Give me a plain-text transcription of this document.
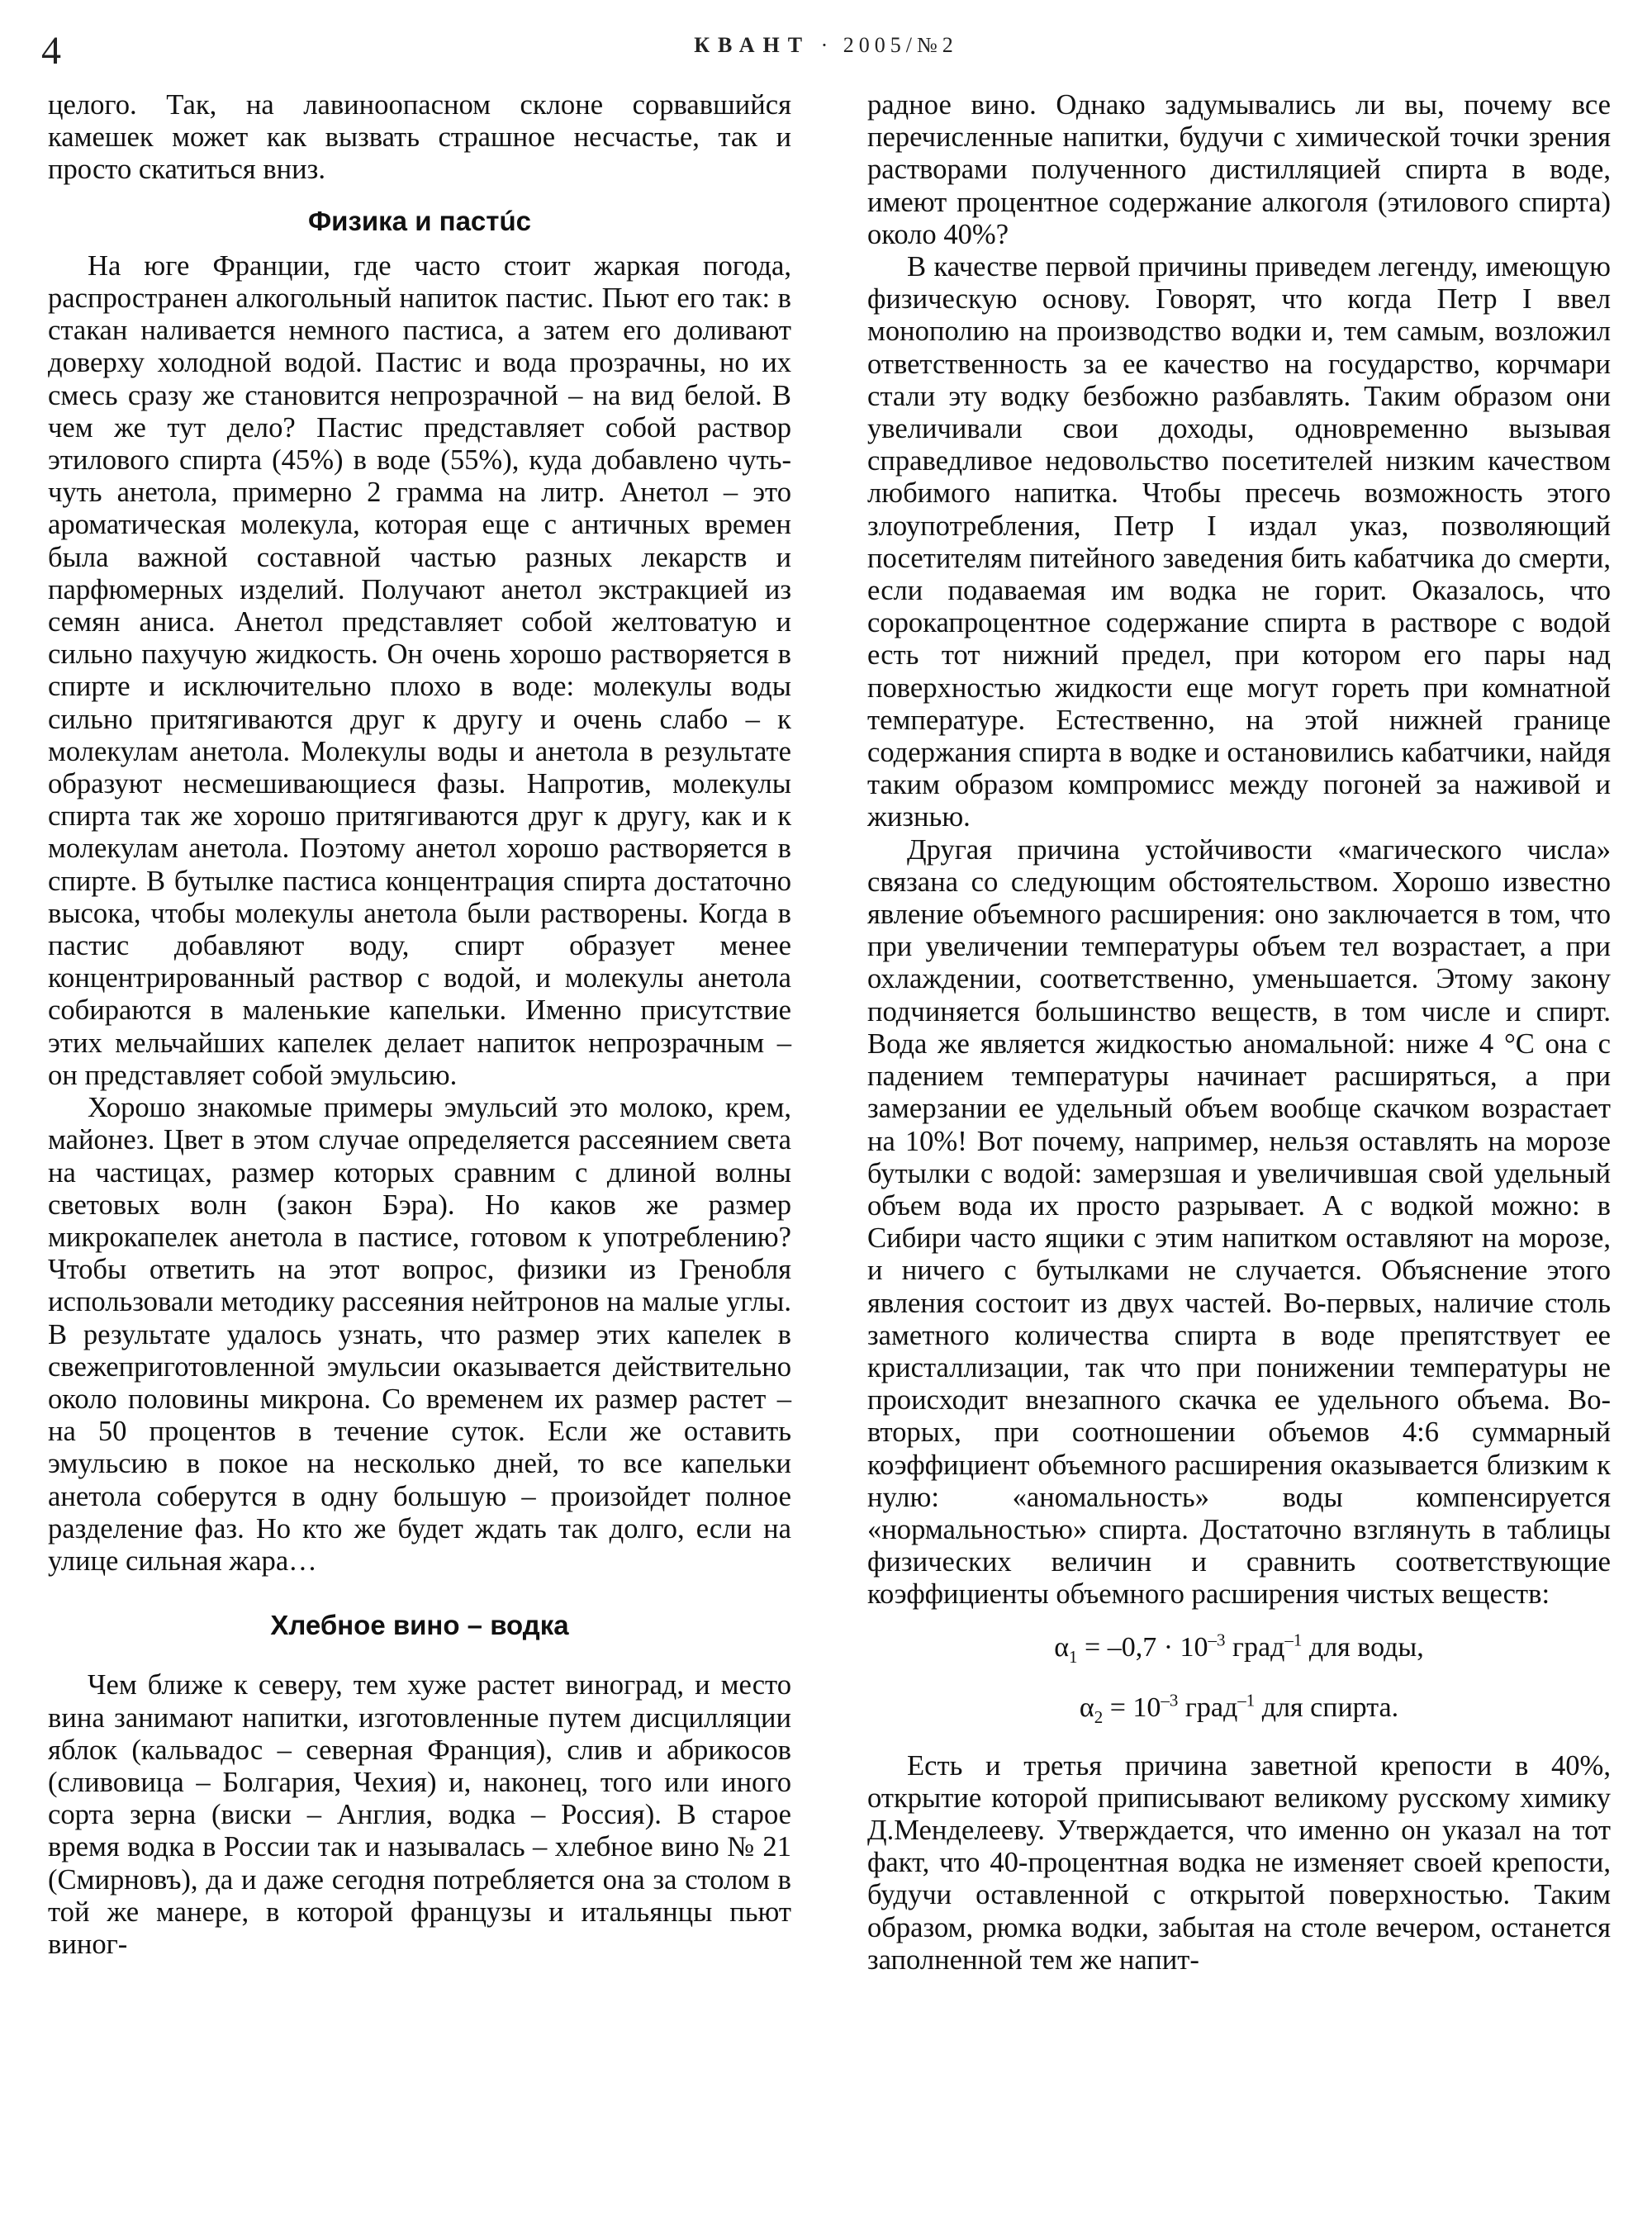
4	КВАНТ · 2005/№2

целого. Так, на лавиноопасном склоне сорвавшийся камешек может как вызвать страшное несчастье, так и просто скатиться вниз.

Физика и пастúс

На юге Франции, где часто стоит жаркая погода, распространен алкогольный напиток пастис. Пьют его так: в стакан наливается немного пастиса, а затем его доливают доверху холодной водой. Пастис и вода прозрачны, но их смесь сразу же становится непрозрачной – на вид белой. В чем же тут дело? Пастис представляет собой раствор этилового спирта (45%) в воде (55%), куда добавлено чуть-чуть анетола, примерно 2 грамма на литр. Анетол – это ароматическая молекула, которая еще с античных времен была важной составной частью разных лекарств и парфюмерных изделий. Получают анетол экстракцией из семян аниса. Анетол представляет собой желтоватую и сильно пахучую жидкость. Он очень хорошо растворяется в спирте и исключительно плохо в воде: молекулы воды сильно притягиваются друг к другу и очень слабо – к молекулам анетола. Молекулы воды и анетола в результате образуют несмешивающиеся фазы. Напротив, молекулы спирта так же хорошо притягиваются друг к другу, как и к молекулам анетола. Поэтому анетол хорошо растворяется в спирте. В бутылке пастиса концентрация спирта достаточно высока, чтобы молекулы анетола были растворены. Когда в пастис добавляют воду, спирт образует менее концентрированный раствор с водой, и молекулы анетола собираются в маленькие капельки. Именно присутствие этих мельчайших капелек делает напиток непрозрачным – он представляет собой эмульсию.

Хорошо знакомые примеры эмульсий это молоко, крем, майонез. Цвет в этом случае определяется рассеянием света на частицах, размер которых сравним с длиной волны световых волн (закон Бэра). Но каков же размер микрокапелек анетола в пастисе, готовом к употреблению? Чтобы ответить на этот вопрос, физики из Гренобля использовали методику рассеяния нейтронов на малые углы. В результате удалось узнать, что размер этих капелек в свежеприготовленной эмульсии оказывается действительно около половины микрона. Со временем их размер растет – на 50 процентов в течение суток. Если же оставить эмульсию в покое на несколько дней, то все капельки анетола соберутся в одну большую – произойдет полное разделение фаз. Но кто же будет ждать так долго, если на улице сильная жара…

Хлебное вино – водка

Чем ближе к северу, тем хуже растет виноград, и место вина занимают напитки, изготовленные путем дисцилляции яблок (кальвадос – северная Франция), слив и абрикосов (сливовица – Болгария, Чехия) и, наконец, того или иного сорта зерна (виски – Англия, водка – Россия). В старое время водка в России так и называлась – хлебное вино № 21 (Смирновъ), да и даже сегодня потребляется она за столом в той же манере, в которой французы и итальянцы пьют виног-

радное вино. Однако задумывались ли вы, почему все перечисленные напитки, будучи с химической точки зрения растворами полученного дистилляцией спирта в воде, имеют процентное содержание алкоголя (этилового спирта) около 40%?

В качестве первой причины приведем легенду, имеющую физическую основу. Говорят, что когда Петр I ввел монополию на производство водки и, тем самым, возложил ответственность за ее качество на государство, корчмари стали эту водку безбожно разбавлять. Таким образом они увеличивали свои доходы, одновременно вызывая справедливое недовольство посетителей низким качеством любимого напитка. Чтобы пресечь возможность этого злоупотребления, Петр I издал указ, позволяющий посетителям питейного заведения бить кабатчика до смерти, если подаваемая им водка не горит. Оказалось, что сорокапроцентное содержание спирта в растворе с водой есть тот нижний предел, при котором его пары над поверхностью жидкости еще могут гореть при комнатной температуре. Естественно, на этой нижней границе содержания спирта в водке и остановились кабатчики, найдя таким образом компромисс между погоней за наживой и жизнью.

Другая причина устойчивости «магического числа» связана со следующим обстоятельством. Хорошо известно явление объемного расширения: оно заключается в том, что при увеличении температуры объем тел возрастает, а при охлаждении, соответственно, уменьшается. Этому закону подчиняется большинство веществ, в том числе и спирт. Вода же является жидкостью аномальной: ниже 4 °С она с падением температуры начинает расширяться, а при замерзании ее удельный объем вообще скачком возрастает на 10%! Вот почему, например, нельзя оставлять на морозе бутылки с водой: замерзшая и увеличившая свой удельный объем вода их просто разрывает. А с водкой можно: в Сибири часто ящики с этим напитком оставляют на морозе, и ничего с бутылками не случается. Объяснение этого явления состоит из двух частей. Во-первых, наличие столь заметного количества спирта в воде препятствует ее кристаллизации, так что при понижении температуры не происходит внезапного скачка ее удельного объема. Во-вторых, при соотношении объемов 4:6 суммарный коэффициент объемного расширения оказывается близким к нулю: «аномальность» воды компенсируется «нормальностью» спирта. Достаточно взглянуть в таблицы физических величин и сравнить соответствующие коэффициенты объемного расширения чистых веществ:

$\alpha_1 = -0,7 \cdot 10^{-3}$ град$^{-1}$ для воды,
$\alpha_2 = 10^{-3}$ град$^{-1}$ для спирта.

Есть и третья причина заветной крепости в 40%, открытие которой приписывают великому русскому химику Д.Менделееву. Утверждается, что именно он указал на тот факт, что 40-процентная водка не изменяет своей крепости, будучи оставленной с открытой поверхностью. Таким образом, рюмка водки, забытая на столе вечером, останется заполненной тем же напит-
